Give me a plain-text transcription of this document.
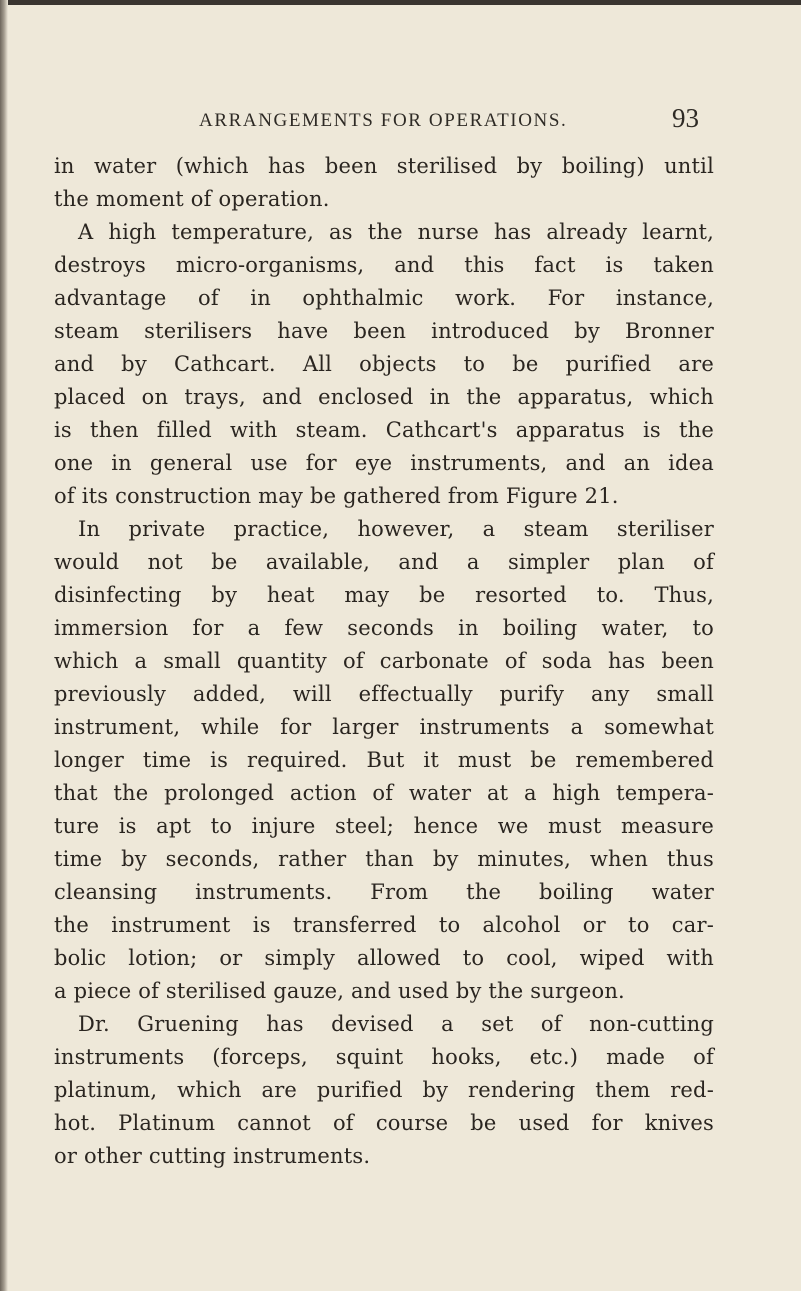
ARRANGEMENTS FOR OPERATIONS.	93
in water (which has been sterilised by boiling) until
the moment of operation.
A high temperature, as the nurse has already learnt,
destroys micro-organisms, and this fact is taken
advantage of in ophthalmic work. For instance,
steam sterilisers have been introduced by Bronner
and by Cathcart. All objects to be purified are
placed on trays, and enclosed in the apparatus, which
is then filled with steam. Cathcart's apparatus is the
one in general use for eye instruments, and an idea
of its construction may be gathered from Figure 21.
In private practice, however, a steam steriliser
would not be available, and a simpler plan of
disinfecting by heat may be resorted to. Thus,
immersion for a few seconds in boiling water, to
which a small quantity of carbonate of soda has been
previously added, will effectually purify any small
instrument, while for larger instruments a somewhat
longer time is required. But it must be remembered
that the prolonged action of water at a high tempera-
ture is apt to injure steel; hence we must measure
time by seconds, rather than by minutes, when thus
cleansing instruments. From the boiling water
the instrument is transferred to alcohol or to car-
bolic lotion; or simply allowed to cool, wiped with
a piece of sterilised gauze, and used by the surgeon.
Dr. Gruening has devised a set of non-cutting
instruments (forceps, squint hooks, etc.) made of
platinum, which are purified by rendering them red-
hot. Platinum cannot of course be used for knives
or other cutting instruments.
